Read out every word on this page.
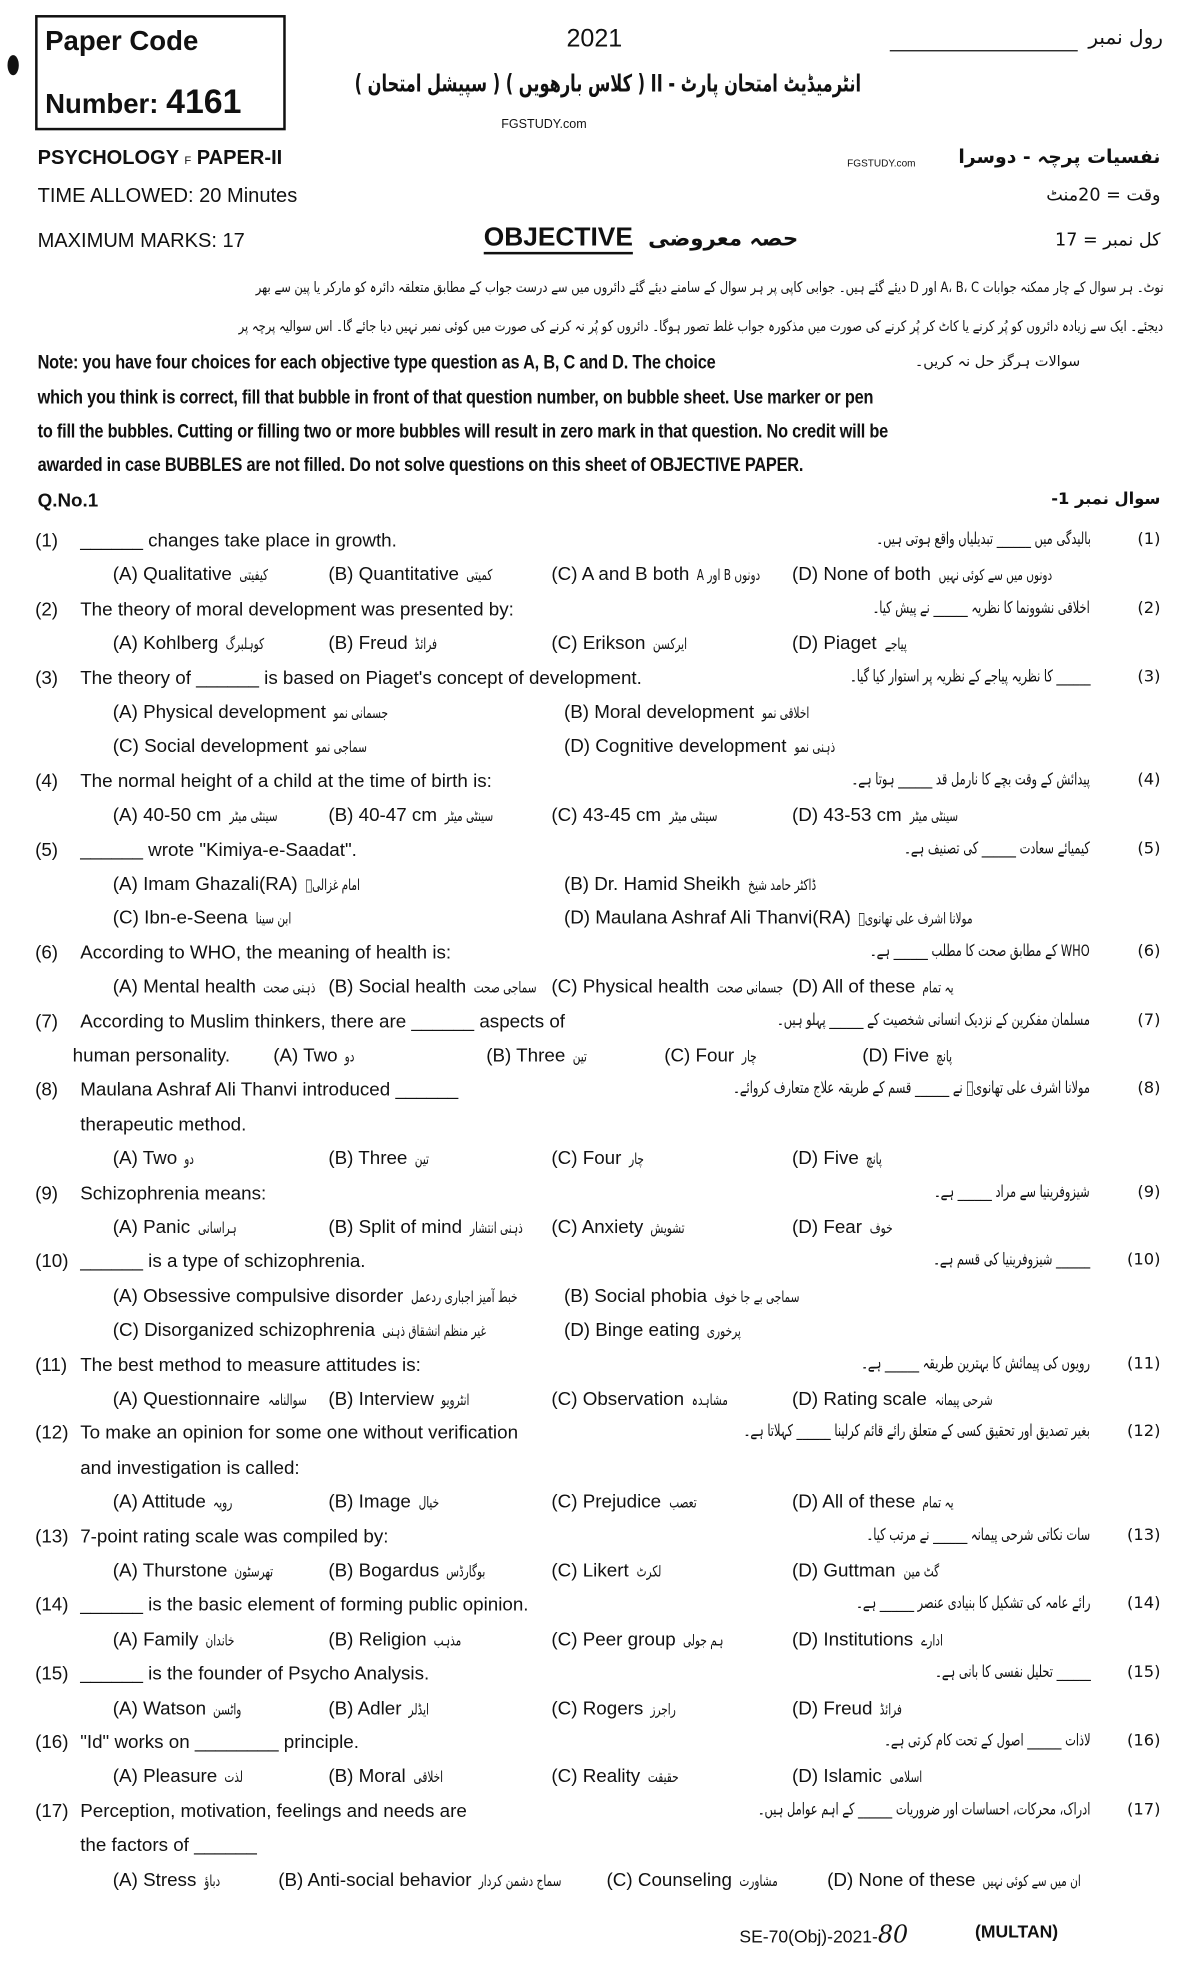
Paper Code
Number: 4161
2021	رول نمبر
انٹرمیڈیٹ امتحان پارٹ - II ( کلاس بارھویں ) ( سپیشل امتحان )
FGSTUDY.com
PSYCHOLOGY F PAPER-II	FGSTUDY.com	نفسیات پرچہ - دوسرا
TIME ALLOWED: 20 Minutes	وقت = 20منٹ
MAXIMUM MARKS: 17	OBJECTIVE حصہ معروضی	کل نمبر = 17
نوٹ۔ ہر سوال کے چار ممکنہ جوابات A، B، C اور D دیئے گئے ہیں۔ جوابی کاپی پر ہر سوال کے سامنے دیئے گئے دائروں میں سے درست جواب کے مطابق متعلقہ دائرہ کو مارکر یا پین سے بھر
دیجئے۔ ایک سے زیادہ دائروں کو پُر کرنے یا کاٹ کر پُر کرنے کی صورت میں مذکورہ جواب غلط تصور ہوگا۔ دائروں کو پُر نہ کرنے کی صورت میں کوئی نمبر نہیں دیا جائے گا۔ اس سوالیہ پرچہ پر
سوالات ہرگز حل نہ کریں۔
Note: you have four choices for each objective type question as A, B, C and D. The choice
which you think is correct, fill that bubble in front of that question number, on bubble sheet. Use marker or pen
to fill the bubbles. Cutting or filling two or more bubbles will result in zero mark in that question. No credit will be
awarded in case BUBBLES are not filled. Do not solve questions on this sheet of OBJECTIVE PAPER.
Q.No.1	سوال نمبر 1-
(1)	(1)
بالیدگی میں ______ تبدیلیاں واقع ہوتی ہیں۔
______ changes take place in growth.
(A) Qualitative کیفیتی	(B) Quantitative کمیتی	(C) A and B both A اور B دونوں	(D) None of both دونوں میں سے کوئی نہیں
(2)	(2)
اخلاقی نشوونما کا نظریہ ______ نے پیش کیا۔
The theory of moral development was presented by:
(A) Kohlberg کوہلبرگ	(B) Freud فرائڈ	(C) Erikson ایرکسن	(D) Piaget پیاجے
(3)	(3)
______ کا نظریہ پیاجے کے نظریہ پر استوار کیا گیا۔
The theory of ______ is based on Piaget's concept of development.
(A) Physical development جسمانی نمو	(B) Moral development اخلاقی نمو
(C) Social development سماجی نمو	(D) Cognitive development ذہنی نمو
(4)	(4)
پیدائش کے وقت بچے کا نارمل قد ______ ہوتا ہے۔
The normal height of a child at the time of birth is:
(A) 40-50 cm سینٹی میٹر	(B) 40-47 cm سینٹی میٹر	(C) 43-45 cm سینٹی میٹر	(D) 43-53 cm سینٹی میٹر
(5)	(5)
کیمیائے سعادت ______ کی تصنیف ہے۔
______ wrote "Kimiya-e-Saadat".
(A) Imam Ghazali(RA) امام غزالیؒ	(B) Dr. Hamid Sheikh ڈاکٹر حامد شیخ
(C) Ibn-e-Seena ابن سینا	(D) Maulana Ashraf Ali Thanvi(RA) مولانا اشرف علی تھانویؒ
(6)	(6)
WHO کے مطابق صحت کا مطلب ______ ہے۔
According to WHO, the meaning of health is:
(A) Mental health ذہنی صحت (B) Social health سماجی صحت (C) Physical health جسمانی صحت (D) All of these یہ تمام
(7)	(7)
مسلمان مفکرین کے نزدیک انسانی شخصیت کے ______ پہلو ہیں۔
According to Muslim thinkers, there are ______ aspects of
human personality.	(A) Two دو	(B) Three تین	(C) Four چار	(D) Five پانچ
(8)	(8)
مولانا اشرف علی تھانویؒ نے ______ قسم کے طریقہ علاج متعارف کروائے۔
Maulana Ashraf Ali Thanvi introduced ______
therapeutic method.
(A) Two دو	(B) Three تین	(C) Four چار	(D) Five پانچ
(9)	(9)
شیزوفرینیا سے مراد ______ ہے۔
Schizophrenia means:
(A) Panic ہراسانی	(B) Split of mind ذہنی انتشار	(C) Anxiety تشویش	(D) Fear خوف
(10)	(10)
______ شیزوفرینیا کی قسم ہے۔
______ is a type of schizophrenia.
(A) Obsessive compulsive disorder خبط آمیز اجباری ردعمل	(B) Social phobia سماجی بے جا خوف
(C) Disorganized schizophrenia غیر منظم انشقاق ذہنی	(D) Binge eating پرخوری
(11)	(11)
رویوں کی پیمائش کا بہترین طریقہ ______ ہے۔
The best method to measure attitudes is:
(A) Questionnaire سوالنامہ	(B) Interview انٹرویو	(C) Observation مشاہدہ	(D) Rating scale شرحی پیمانہ
(12)	(12)
بغیر تصدیق اور تحقیق کسی کے متعلق رائے قائم کرلینا ______ کہلاتا ہے۔
To make an opinion for some one without verification
and investigation is called:
(A) Attitude رویہ	(B) Image خیال	(C) Prejudice تعصب	(D) All of these یہ تمام
(13)	(13)
سات نکاتی شرحی پیمانہ ______ نے مرتب کیا۔
7-point rating scale was compiled by:
(A) Thurstone تھرسٹون	(B) Bogardus بوگارڈس	(C) Likert لکرٹ	(D) Guttman گٹ مین
(14)	(14)
رائے عامہ کی تشکیل کا بنیادی عنصر ______ ہے۔
______ is the basic element of forming public opinion.
(A) Family خاندان	(B) Religion مذہب	(C) Peer group ہم جولی	(D) Institutions ادارے
(15)	(15)
______ تحلیل نفسی کا بانی ہے۔
______ is the founder of Psycho Analysis.
(A) Watson واٹسن	(B) Adler ایڈلر	(C) Rogers راجرز	(D) Freud فرائڈ
(16)	(16)
لاذات ______ اصول کے تحت کام کرتی ہے۔
"Id" works on ________ principle.
(A) Pleasure لذت	(B) Moral اخلاقی	(C) Reality حقیقت	(D) Islamic اسلامی
(17)	(17)
ادراک، محرکات، احساسات اور ضروریات ______ کے اہم عوامل ہیں۔
Perception, motivation, feelings and needs are
the factors of ______
(A) Stress دباؤ	(B) Anti-social behavior سماج دشمن کردار	(C) Counseling مشاورت	(D) None of these ان میں سے کوئی نہیں
SE-70(Obj)-2021-80	(MULTAN)
